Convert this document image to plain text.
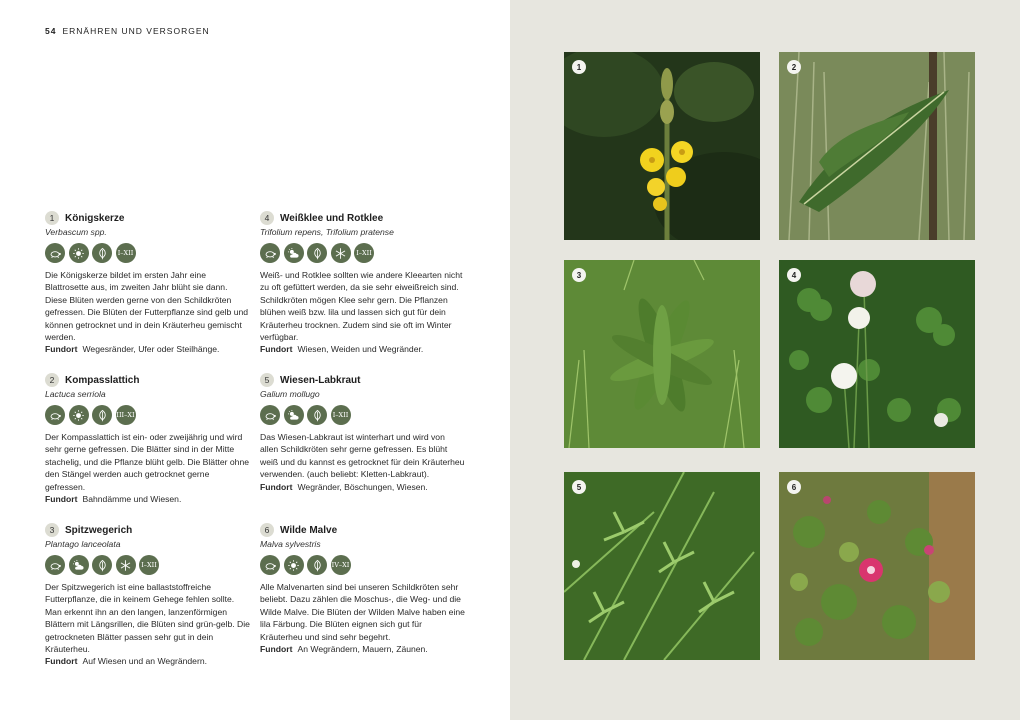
54 ERNÄHREN UND VERSORGEN
1	Königskerze
Verbascum spp.
I–XII
Die Königskerze bildet im ersten Jahr eine Blattrosette aus, im zweiten Jahr blüht sie dann. Diese Blüten werden gerne von den Schildkröten gefressen. Die Blüten der Futterpflanze sind gelb und können getrocknet und in dein Kräuterheu gemischt werden.
Fundort Wegesränder, Ufer oder Steilhänge.
2	Kompasslattich
Lactuca serriola
III–XI
Der Kompasslattich ist ein- oder zweijährig und wird sehr gerne gefressen. Die Blätter sind in der Mitte stachelig, und die Pflanze blüht gelb. Die Blätter ohne den Stängel werden auch getrocknet gerne gefressen.
Fundort Bahndämme und Wiesen.
3	Spitzwegerich
Plantago lanceolata
I–XII
Der Spitzwegerich ist eine ballaststoffreiche Futterpflanze, die in keinem Gehege fehlen sollte. Man erkennt ihn an den langen, lanzenförmigen Blättern mit Längsrillen, die Blüten sind grün-gelb. Die getrockneten Blätter passen sehr gut in dein Kräuterheu.
Fundort Auf Wiesen und an Wegrändern.
4	Weißklee und Rotklee
Trifolium repens, Trifolium pratense
I–XII
Weiß- und Rotklee sollten wie andere Kleearten nicht zu oft gefüttert werden, da sie sehr eiweißreich sind. Schildkröten mögen Klee sehr gern. Die Pflanzen blühen weiß bzw. lila und lassen sich gut für dein Kräuterheu trocknen. Zudem sind sie oft im Winter verfügbar.
Fundort Wiesen, Weiden und Wegränder.
5	Wiesen-Labkraut
Galium mollugo
I–XII
Das Wiesen-Labkraut ist winterhart und wird von allen Schildkröten sehr gerne gefressen. Es blüht weiß und du kannst es getrocknet für dein Kräuterheu verwenden. (auch beliebt: Kletten-Labkraut).
Fundort Wegränder, Böschungen, Wiesen.
6	Wilde Malve
Malva sylvestris
IV–XI
Alle Malvenarten sind bei unseren Schildkröten sehr beliebt. Dazu zählen die Moschus-, die Weg- und die Wilde Malve. Die Blüten der Wilden Malve haben eine lila Färbung. Die Blüten eignen sich gut für Kräuterheu und sind sehr begehrt.
Fundort An Wegrändern, Mauern, Zäunen.
1	2
3	4
5	6
